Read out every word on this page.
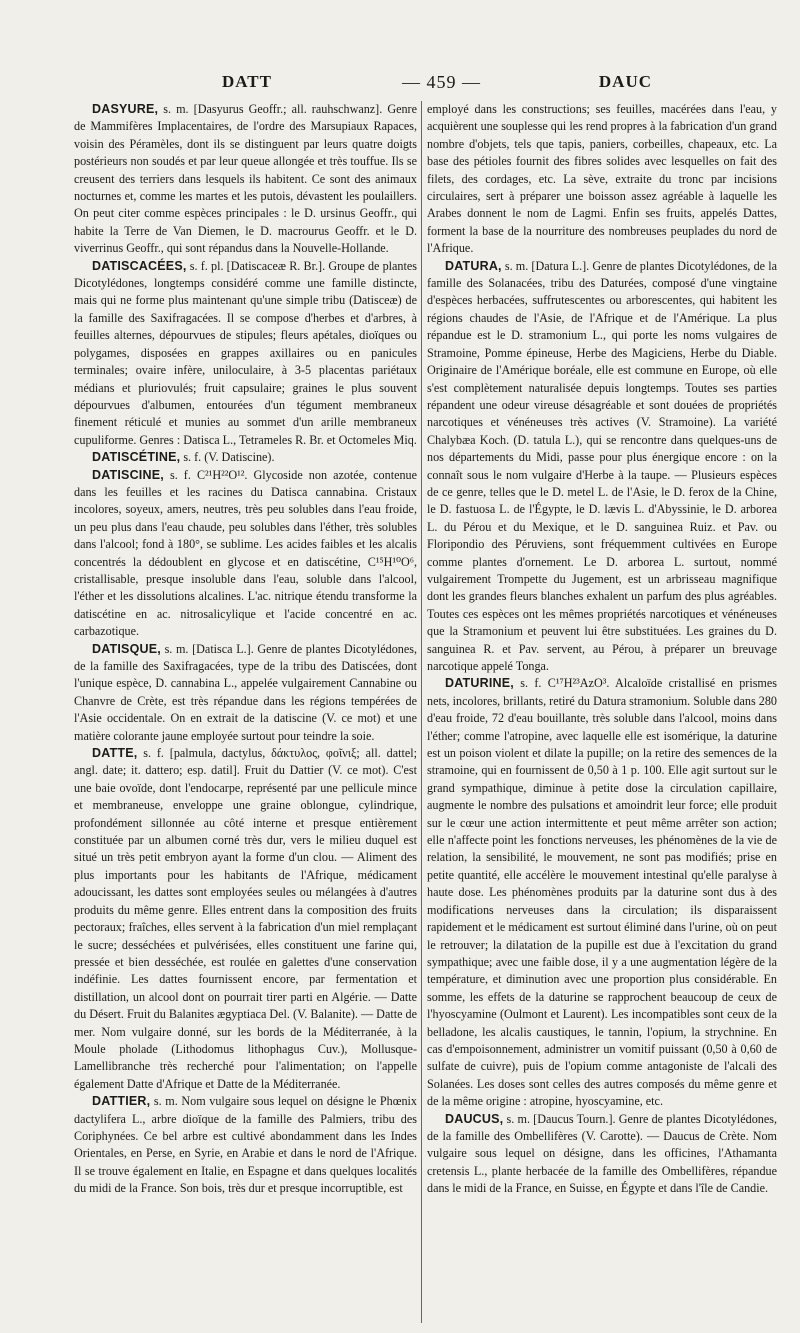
DATT	— 459 —	DAUC

DASYURE, s. m. [Dasyurus Geoffr.; all. rauhschwanz]. Genre de Mammifères Implacentaires, de l'ordre des Marsupiaux Rapaces, voisin des Péramèles, dont ils se distinguent par leurs quatre doigts postérieurs non soudés et par leur queue allongée et très touffue. Ils se creusent des terriers dans lesquels ils habitent. Ce sont des animaux nocturnes et, comme les martes et les putois, dévastent les poulaillers. On peut citer comme espèces principales : le D. ursinus Geoffr., qui habite la Terre de Van Diemen, le D. macrourus Geoffr. et le D. viverrinus Geoffr., qui sont répandus dans la Nouvelle-Hollande.

DATISCACÉES, s. f. pl. [Datiscaceæ R. Br.]. Groupe de plantes Dicotylédones, longtemps considéré comme une famille distincte, mais qui ne forme plus maintenant qu'une simple tribu (Datisceæ) de la famille des Saxifragacées. Il se compose d'herbes et d'arbres, à feuilles alternes, dépourvues de stipules; fleurs apétales, dioïques ou polygames, disposées en grappes axillaires ou en panicules terminales; ovaire infère, uniloculaire, à 3-5 placentas pariétaux médians et pluriovulés; fruit capsulaire; graines le plus souvent dépourvues d'albumen, entourées d'un tégument membraneux finement réticulé et munies au sommet d'un arille membraneux cupuliforme. Genres : Datisca L., Tetrameles R. Br. et Octomeles Miq.

DATISCÉTINE, s. f. (V. Datiscine).

DATISCINE, s. f. C²¹H²²O¹². Glycoside non azotée, contenue dans les feuilles et les racines du Datisca cannabina. Cristaux incolores, soyeux, amers, neutres, très peu solubles dans l'eau froide, un peu plus dans l'eau chaude, peu solubles dans l'éther, très solubles dans l'alcool; fond à 180°, se sublime. Les acides faibles et les alcalis concentrés la dédoublent en glycose et en datiscétine, C¹⁵H¹⁰O⁶, cristallisable, presque insoluble dans l'eau, soluble dans l'alcool, l'éther et les dissolutions alcalines. L'ac. nitrique étendu transforme la datiscétine en ac. nitrosalicylique et l'acide concentré en ac. carbazotique.

DATISQUE, s. m. [Datisca L.]. Genre de plantes Dicotylédones, de la famille des Saxifragacées, type de la tribu des Datiscées, dont l'unique espèce, D. cannabina L., appelée vulgairement Cannabine ou Chanvre de Crète, est très répandue dans les régions tempérées de l'Asie occidentale. On en extrait de la datiscine (V. ce mot) et une matière colorante jaune employée surtout pour teindre la soie.

DATTE, s. f. [palmula, dactylus, δάκτυλος, φοῖνιξ; all. dattel; angl. date; it. dattero; esp. datil]. Fruit du Dattier (V. ce mot). C'est une baie ovoïde, dont l'endocarpe, représenté par une pellicule mince et membraneuse, enveloppe une graine oblongue, cylindrique, profondément sillonnée au côté interne et presque entièrement constituée par un albumen corné très dur, vers le milieu duquel est situé un très petit embryon ayant la forme d'un clou. — Aliment des plus importants pour les habitants de l'Afrique, médicament adoucissant, les dattes sont employées seules ou mélangées à d'autres produits du même genre. Elles entrent dans la composition des fruits pectoraux; fraîches, elles servent à la fabrication d'un miel remplaçant le sucre; desséchées et pulvérisées, elles constituent une farine qui, pressée et bien desséchée, est roulée en galettes d'une conservation indéfinie. Les dattes fournissent encore, par fermentation et distillation, un alcool dont on pourrait tirer parti en Algérie. — Datte du Désert. Fruit du Balanites ægyptiaca Del. (V. Balanite). — Datte de mer. Nom vulgaire donné, sur les bords de la Méditerranée, à la Moule pholade (Lithodomus lithophagus Cuv.), Mollusque-Lamellibranche très recherché pour l'alimentation; on l'appelle également Datte d'Afrique et Datte de la Méditerranée.

DATTIER, s. m. Nom vulgaire sous lequel on désigne le Phœnix dactylifera L., arbre dioïque de la famille des Palmiers, tribu des Coriphynées. Ce bel arbre est cultivé abondamment dans les Indes Orientales, en Perse, en Syrie, en Arabie et dans le nord de l'Afrique. Il se trouve également en Italie, en Espagne et dans quelques localités du midi de la France. Son bois, très dur et presque incorruptible, est

employé dans les constructions; ses feuilles, macérées dans l'eau, y acquièrent une souplesse qui les rend propres à la fabrication d'un grand nombre d'objets, tels que tapis, paniers, corbeilles, chapeaux, etc. La base des pétioles fournit des fibres solides avec lesquelles on fait des filets, des cordages, etc. La sève, extraite du tronc par incisions circulaires, sert à préparer une boisson assez agréable à laquelle les Arabes donnent le nom de Lagmi. Enfin ses fruits, appelés Dattes, forment la base de la nourriture des nombreuses peuplades du nord de l'Afrique.

DATURA, s. m. [Datura L.]. Genre de plantes Dicotylédones, de la famille des Solanacées, tribu des Daturées, composé d'une vingtaine d'espèces herbacées, suffrutescentes ou arborescentes, qui habitent les régions chaudes de l'Asie, de l'Afrique et de l'Amérique. La plus répandue est le D. stramonium L., qui porte les noms vulgaires de Stramoine, Pomme épineuse, Herbe des Magiciens, Herbe du Diable. Originaire de l'Amérique boréale, elle est commune en Europe, où elle s'est complètement naturalisée depuis longtemps. Toutes ses parties répandent une odeur vireuse désagréable et sont douées de propriétés narcotiques et vénéneuses très actives (V. Stramoine). La variété Chalybæa Koch. (D. tatula L.), qui se rencontre dans quelques-uns de nos départements du Midi, passe pour plus énergique encore : on la connaît sous le nom vulgaire d'Herbe à la taupe. — Plusieurs espèces de ce genre, telles que le D. metel L. de l'Asie, le D. ferox de la Chine, le D. fastuosa L. de l'Égypte, le D. lævis L. d'Abyssinie, le D. arborea L. du Pérou et du Mexique, et le D. sanguinea Ruiz. et Pav. ou Floripondio des Péruviens, sont fréquemment cultivées en Europe comme plantes d'ornement. Le D. arborea L. surtout, nommé vulgairement Trompette du Jugement, est un arbrisseau magnifique dont les grandes fleurs blanches exhalent un parfum des plus agréables. Toutes ces espèces ont les mêmes propriétés narcotiques et vénéneuses que la Stramonium et peuvent lui être substituées. Les graines du D. sanguinea R. et Pav. servent, au Pérou, à préparer un breuvage narcotique appelé Tonga.

DATURINE, s. f. C¹⁷H²³AzO³. Alcaloïde cristallisé en prismes nets, incolores, brillants, retiré du Datura stramonium. Soluble dans 280 d'eau froide, 72 d'eau bouillante, très soluble dans l'alcool, moins dans l'éther; comme l'atropine, avec laquelle elle est isomérique, la daturine est un poison violent et dilate la pupille; on la retire des semences de la stramoine, qui en fournissent de 0,50 à 1 p. 100. Elle agit surtout sur le grand sympathique, diminue à petite dose la circulation capillaire, augmente le nombre des pulsations et amoindrit leur force; elle produit sur le cœur une action intermittente et peut même arrêter son action; elle n'affecte point les fonctions nerveuses, les phénomènes de la vie de relation, la sensibilité, le mouvement, ne sont pas modifiés; prise en petite quantité, elle accélère le mouvement intestinal qu'elle paralyse à haute dose. Les phénomènes produits par la daturine sont dus à des modifications nerveuses dans la circulation; ils disparaissent rapidement et le médicament est surtout éliminé dans l'urine, où on peut le retrouver; la dilatation de la pupille est due à l'excitation du grand sympathique; avec une faible dose, il y a une augmentation légère de la température, et diminution avec une proportion plus considérable. En somme, les effets de la daturine se rapprochent beaucoup de ceux de l'hyoscyamine (Oulmont et Laurent). Les incompatibles sont ceux de la belladone, les alcalis caustiques, le tannin, l'opium, la strychnine. En cas d'empoisonnement, administrer un vomitif puissant (0,50 à 0,60 de sulfate de cuivre), puis de l'opium comme antagoniste de l'alcali des Solanées. Les doses sont celles des autres composés du même genre et de la même origine : atropine, hyoscyamine, etc.

DAUCUS, s. m. [Daucus Tourn.]. Genre de plantes Dicotylédones, de la famille des Ombellifères (V. Carotte). — Daucus de Crète. Nom vulgaire sous lequel on désigne, dans les officines, l'Athamanta cretensis L., plante herbacée de la famille des Ombellifères, répandue dans le midi de la France, en Suisse, en Égypte et dans l'île de Candie.
